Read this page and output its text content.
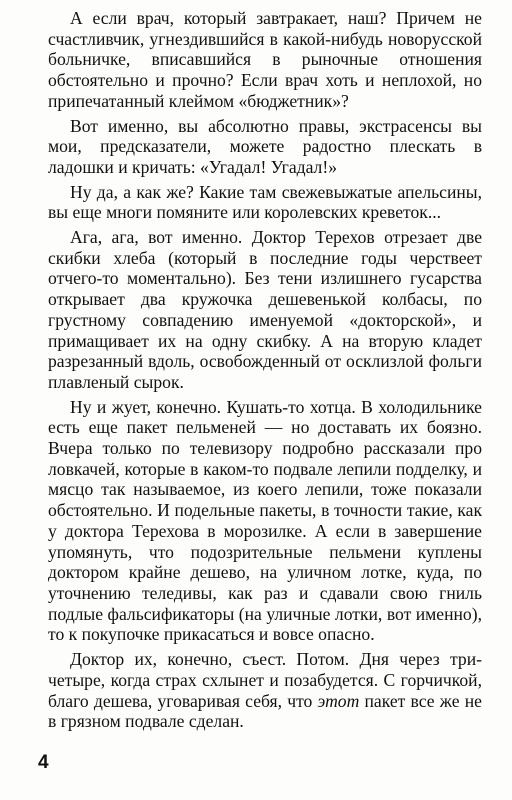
А если врач, который завтракает, наш? Причем не счастливчик, угнездившийся в какой-нибудь новорусской больничке, вписавшийся в рыночные отношения обстоятельно и прочно? Если врач хоть и неплохой, но припечатанный клеймом «бюджетник»?

Вот именно, вы абсолютно правы, экстрасенсы вы мои, предсказатели, можете радостно плескать в ладошки и кричать: «Угадал! Угадал!»

Ну да, а как же? Какие там свежевыжатые апельсины, вы еще многи помяните или королевских креветок...

Ага, ага, вот именно. Доктор Терехов отрезает две скибки хлеба (который в последние годы черствеет отчего-то моментально). Без тени излишнего гусарства открывает два кружочка дешевенькой колбасы, по грустному совпадению именуемой «докторской», и примащивает их на одну скибку. А на вторую кладет разрезанный вдоль, освобожденный от осклизлой фольги плавленый сырок.

Ну и жует, конечно. Кушать-то хотца. В холодильнике есть еще пакет пельменей — но доставать их боязно. Вчера только по телевизору подробно рассказали про ловкачей, которые в каком-то подвале лепили подделку, и мясцо так называемое, из коего лепили, тоже показали обстоятельно. И подельные пакеты, в точности такие, как у доктора Терехова в морозилке. А если в завершение упомянуть, что подозрительные пельмени куплены доктором крайне дешево, на уличном лотке, куда, по уточнению теледивы, как раз и сдавали свою гниль подлые фальсификаторы (на уличные лотки, вот именно), то к покупочке прикасаться и вовсе опасно.

Доктор их, конечно, съест. Потом. Дня через три-четыре, когда страх схлынет и позабудется. С горчичкой, благо дешева, уговаривая себя, что этот пакет все же не в грязном подвале сделан.

4
